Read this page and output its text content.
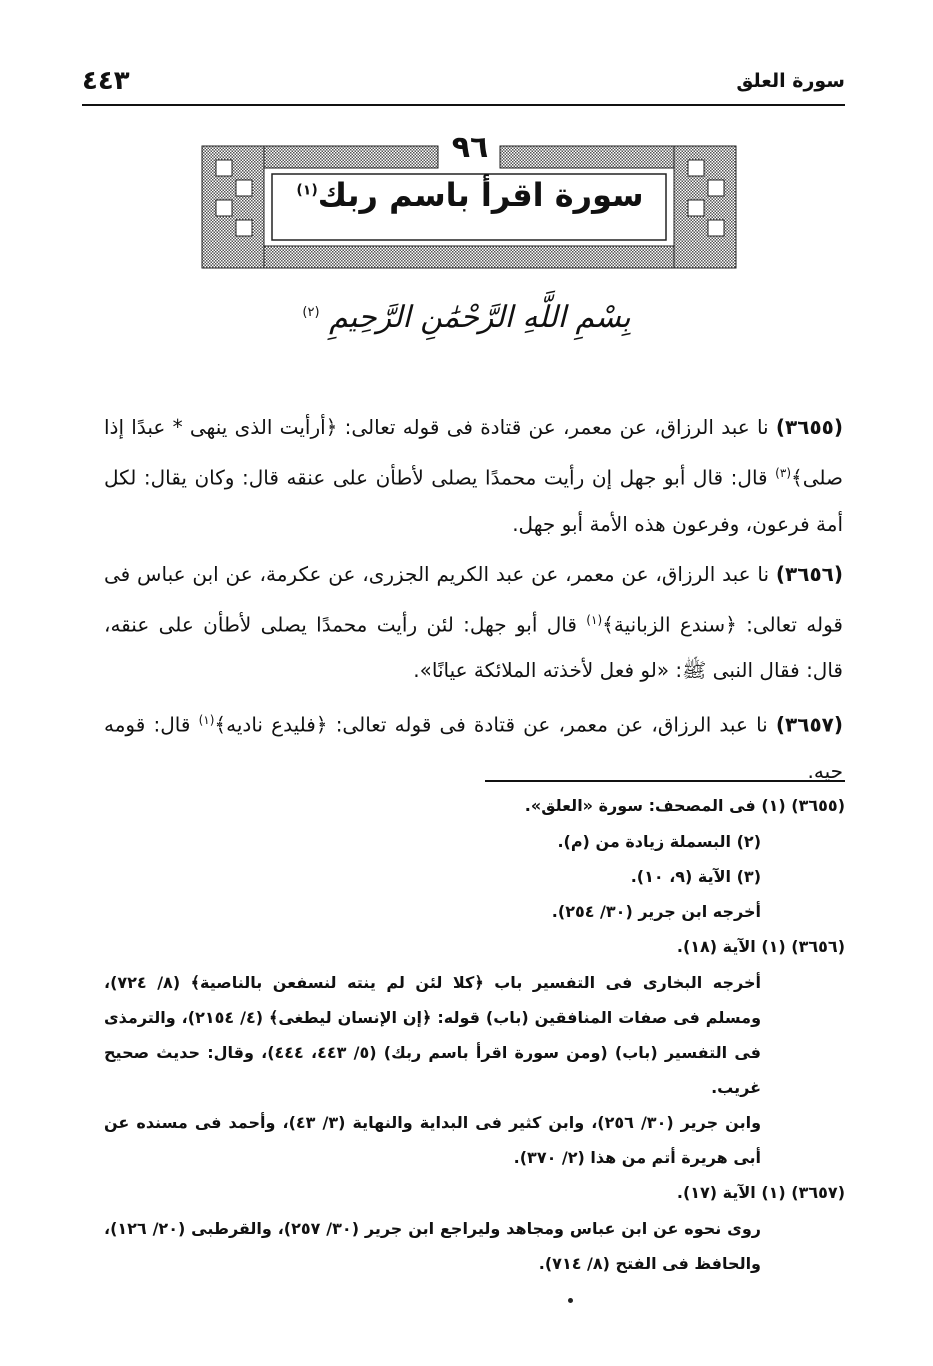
سورة العلق
٤٤٣
٩٦
سورة اقرأ باسم ربك$^{(١)}$
بِسْمِ اللَّهِ الرَّحْمَٰنِ الرَّحِيمِ $^{(٢)}$

(٣٦٥٥) نا عبد الرزاق، عن معمر، عن قتادة فى قوله تعالى: ﴿أرأيت الذى ينهى * عبدًا إذا صلى﴾$^{(٣)}$ قال: قال أبو جهل إن رأيت محمدًا يصلى لأطأن على عنقه قال: وكان يقال: لكل أمة فرعون، وفرعون هذه الأمة أبو جهل.

(٣٦٥٦) نا عبد الرزاق، عن معمر، عن عبد الكريم الجزرى، عن عكرمة، عن ابن عباس فى قوله تعالى: ﴿سندع الزبانية﴾$^{(١)}$ قال أبو جهل: لئن رأيت محمدًا يصلى لأطأن على عنقه، قال: فقال النبى ﷺ: «لو فعل لأخذته الملائكة عيانًا».

(٣٦٥٧) نا عبد الرزاق، عن معمر، عن قتادة فى قوله تعالى: ﴿فليدع ناديه﴾$^{(١)}$ قال: قومه حيه.

(٣٦٥٥) (١) فى المصحف: سورة «العلق».
(٢) البسملة زيادة من (م).
(٣) الآية (٩، ١٠).
أخرجه ابن جرير (٣٠/ ٢٥٤).
(٣٦٥٦) (١) الآية (١٨).
أخرجه البخارى فى التفسير باب ﴿كلا لئن لم ينته لنسفعن بالناصية﴾ (٨/ ٧٢٤)، ومسلم فى صفات المنافقين (باب) قوله: ﴿إن الإنسان ليطغى﴾ (٤/ ٢١٥٤)، والترمذى فى التفسير (باب) (ومن سورة اقرأ باسم ربك) (٥/ ٤٤٣، ٤٤٤)، وقال: حديث صحيح غريب.
وابن جرير (٣٠/ ٢٥٦)، وابن كثير فى البداية والنهاية (٣/ ٤٣)، وأحمد فى مسنده عن أبى هريرة أتم من هذا (٢/ ٣٧٠).
(٣٦٥٧) (١) الآية (١٧).
روى نحوه عن ابن عباس ومجاهد وليراجع ابن جرير (٣٠/ ٢٥٧)، والقرطبى (٢٠/ ١٢٦)، والحافظ فى الفتح (٨/ ٧١٤).
